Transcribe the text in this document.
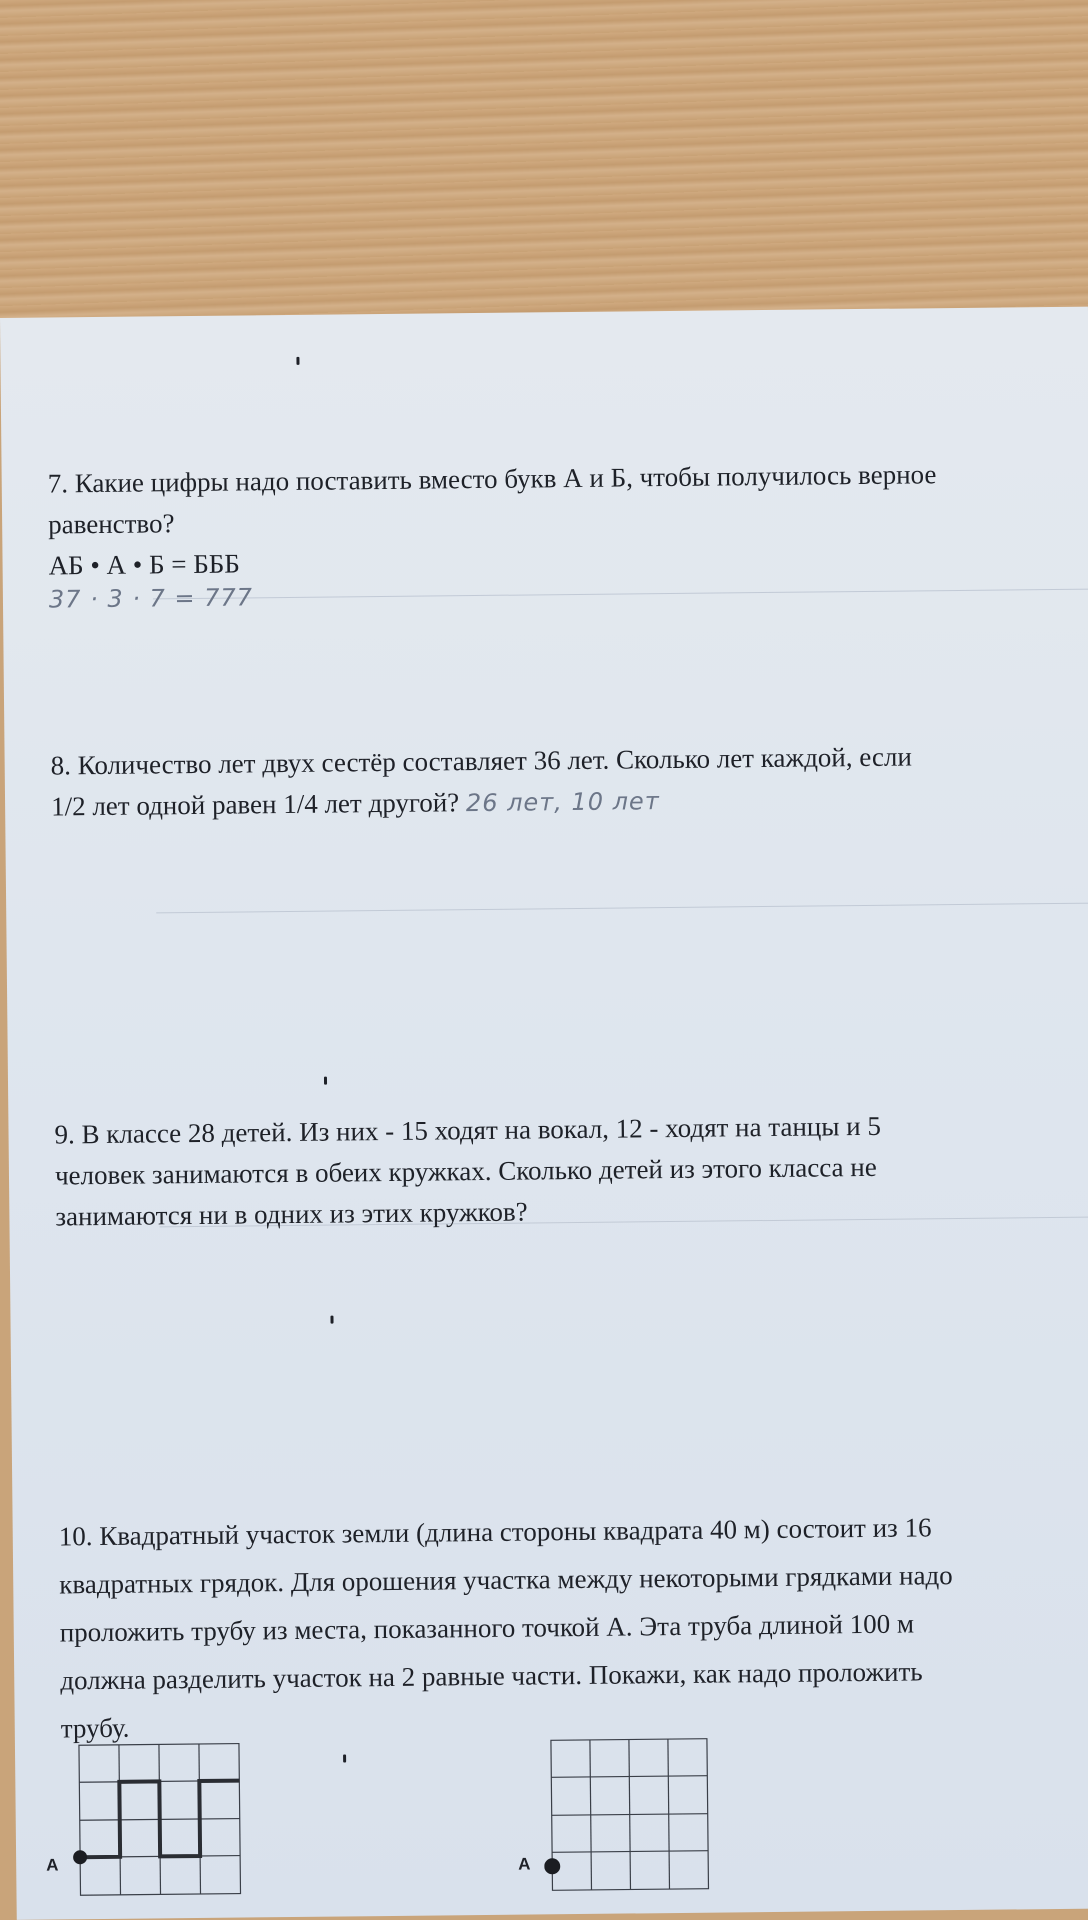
7. Какие цифры надо поставить вместо букв А и Б, чтобы получилось верное

равенство?

АБ • А • Б = БББ

37 · 3 · 7 = 777

8. Количество лет двух сестёр составляет 36 лет. Сколько лет каждой, если

1/2 лет одной равен 1/4 лет другой? 26 лет, 10 лет

9. В классе 28 детей. Из них - 15 ходят на вокал, 12 - ходят на танцы и 5

человек занимаются в обеих кружках. Сколько детей из этого класса не

занимаются ни в одних из этих кружков?

10. Квадратный участок земли (длина стороны квадрата 40 м) состоит из 16

квадратных грядок. Для орошения участка между некоторыми грядками надо

проложить трубу из места, показанного точкой А. Эта труба длиной 100 м

должна разделить участок на 2 равные части. Покажи, как надо проложить

трубу.

А	А
